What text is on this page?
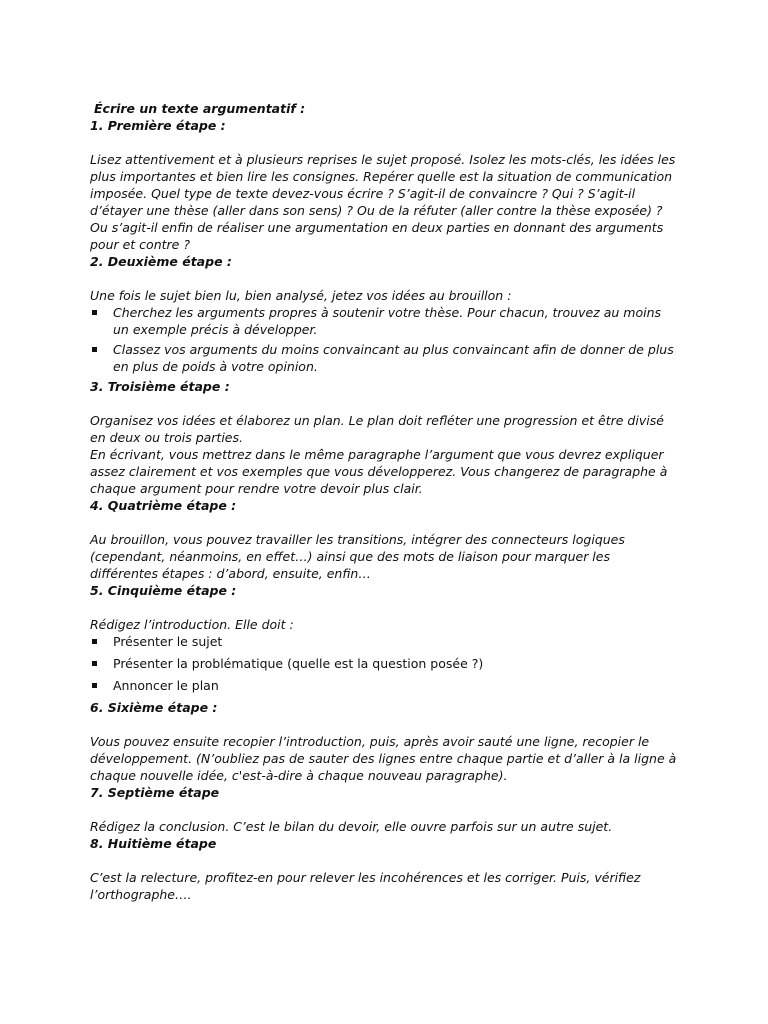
Écrire un texte argumentatif :
1. Première étape :

Lisez attentivement et à plusieurs reprises le sujet proposé. Isolez les mots-clés, les idées les plus importantes et bien lire les consignes. Repérer quelle est la situation de communication imposée. Quel type de texte devez-vous écrire ? S’agit-il de convaincre ? Qui ? S’agit-il d’étayer une thèse (aller dans son sens) ? Ou de la réfuter (aller contre la thèse exposée) ? Ou s’agit-il enfin de réaliser une argumentation en deux parties en donnant des arguments pour et contre ?

2. Deuxième étape :

Une fois le sujet bien lu, bien analysé, jetez vos idées au brouillon :

Cherchez les arguments propres à soutenir votre thèse. Pour chacun, trouvez au moins un exemple précis à développer.
Classez vos arguments du moins convaincant au plus convaincant afin de donner de plus en plus de poids à votre opinion.
3. Troisième étape :

Organisez vos idées et élaborez un plan. Le plan doit refléter une progression et être divisé en deux ou trois parties.

En écrivant, vous mettrez dans le même paragraphe l’argument que vous devrez expliquer assez clairement et vos exemples que vous développerez. Vous changerez de paragraphe à chaque argument pour rendre votre devoir plus clair.

4. Quatrième étape :

Au brouillon, vous pouvez travailler les transitions, intégrer des connecteurs logiques (cependant, néanmoins, en effet…) ainsi que des mots de liaison pour marquer les différentes étapes : d’abord, ensuite, enfin…

5. Cinquième étape :

Rédigez l’introduction. Elle doit :

Présenter le sujet
Présenter la problématique (quelle est la question posée ?)
Annoncer le plan
6. Sixième étape :

Vous pouvez ensuite recopier l’introduction, puis, après avoir sauté une ligne, recopier le développement. (N’oubliez pas de sauter des lignes entre chaque partie et d’aller à la ligne à chaque nouvelle idée, c'est-à-dire à chaque nouveau paragraphe).

7. Septième étape

Rédigez la conclusion. C’est le bilan du devoir, elle ouvre parfois sur un autre sujet.

8. Huitième étape

C’est la relecture, profitez-en pour relever les incohérences et les corriger. Puis, vérifiez l’orthographe….
